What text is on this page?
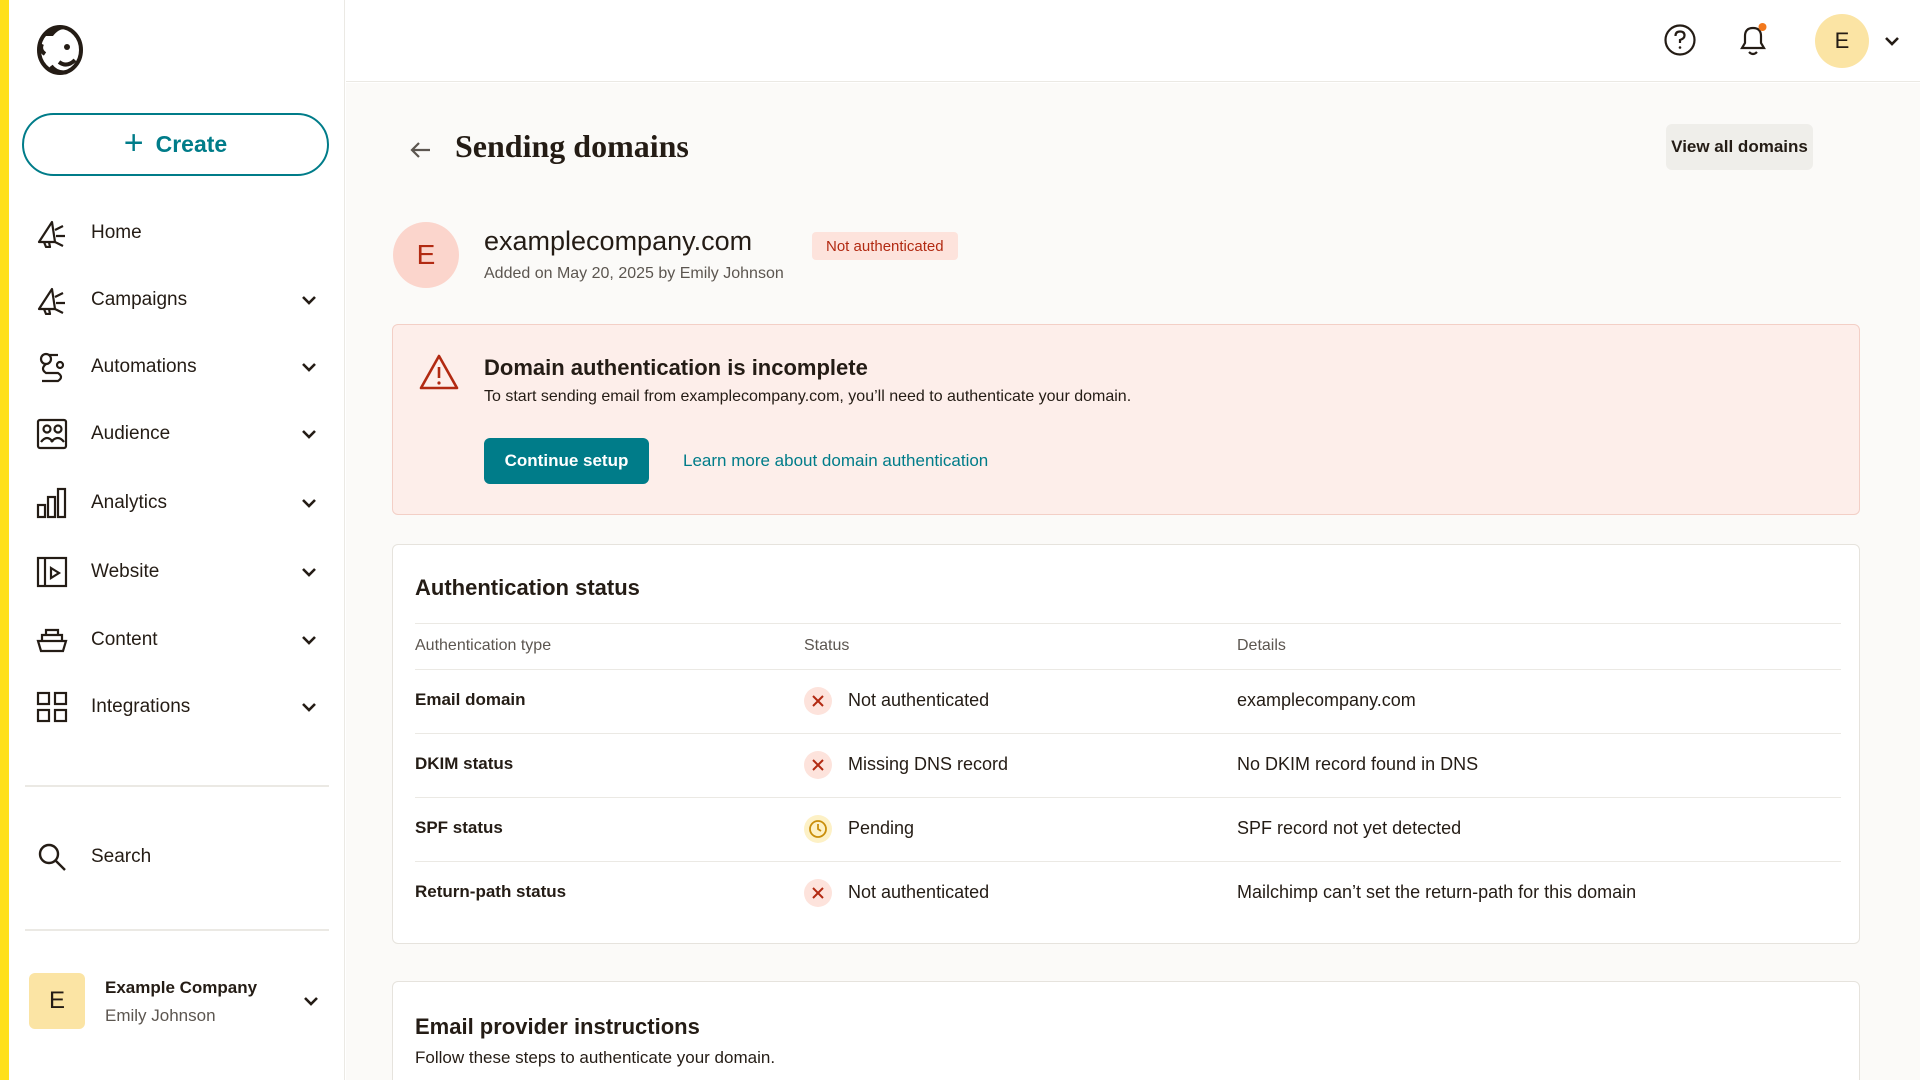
+ Create
Home
Campaigns
Automations
Audience
Analytics
Website
Content
Integrations
Search
E	Example Company
Emily Johnson
E
Sending domains	View all domains
E	examplecompany.com	Not authenticated
Added on May 20, 2025 by Emily Johnson
Domain authentication is incomplete
To start sending email from examplecompany.com, you’ll need to authenticate your domain.
Continue setup	Learn more about domain authentication
Authentication status
Authentication type	Status	Details
Email domain	Not authenticated	examplecompany.com
DKIM status	Missing DNS record	No DKIM record found in DNS
SPF status	Pending	SPF record not yet detected
Return-path status	Not authenticated	Mailchimp can’t set the return-path for this domain
Email provider instructions
Follow these steps to authenticate your domain.
